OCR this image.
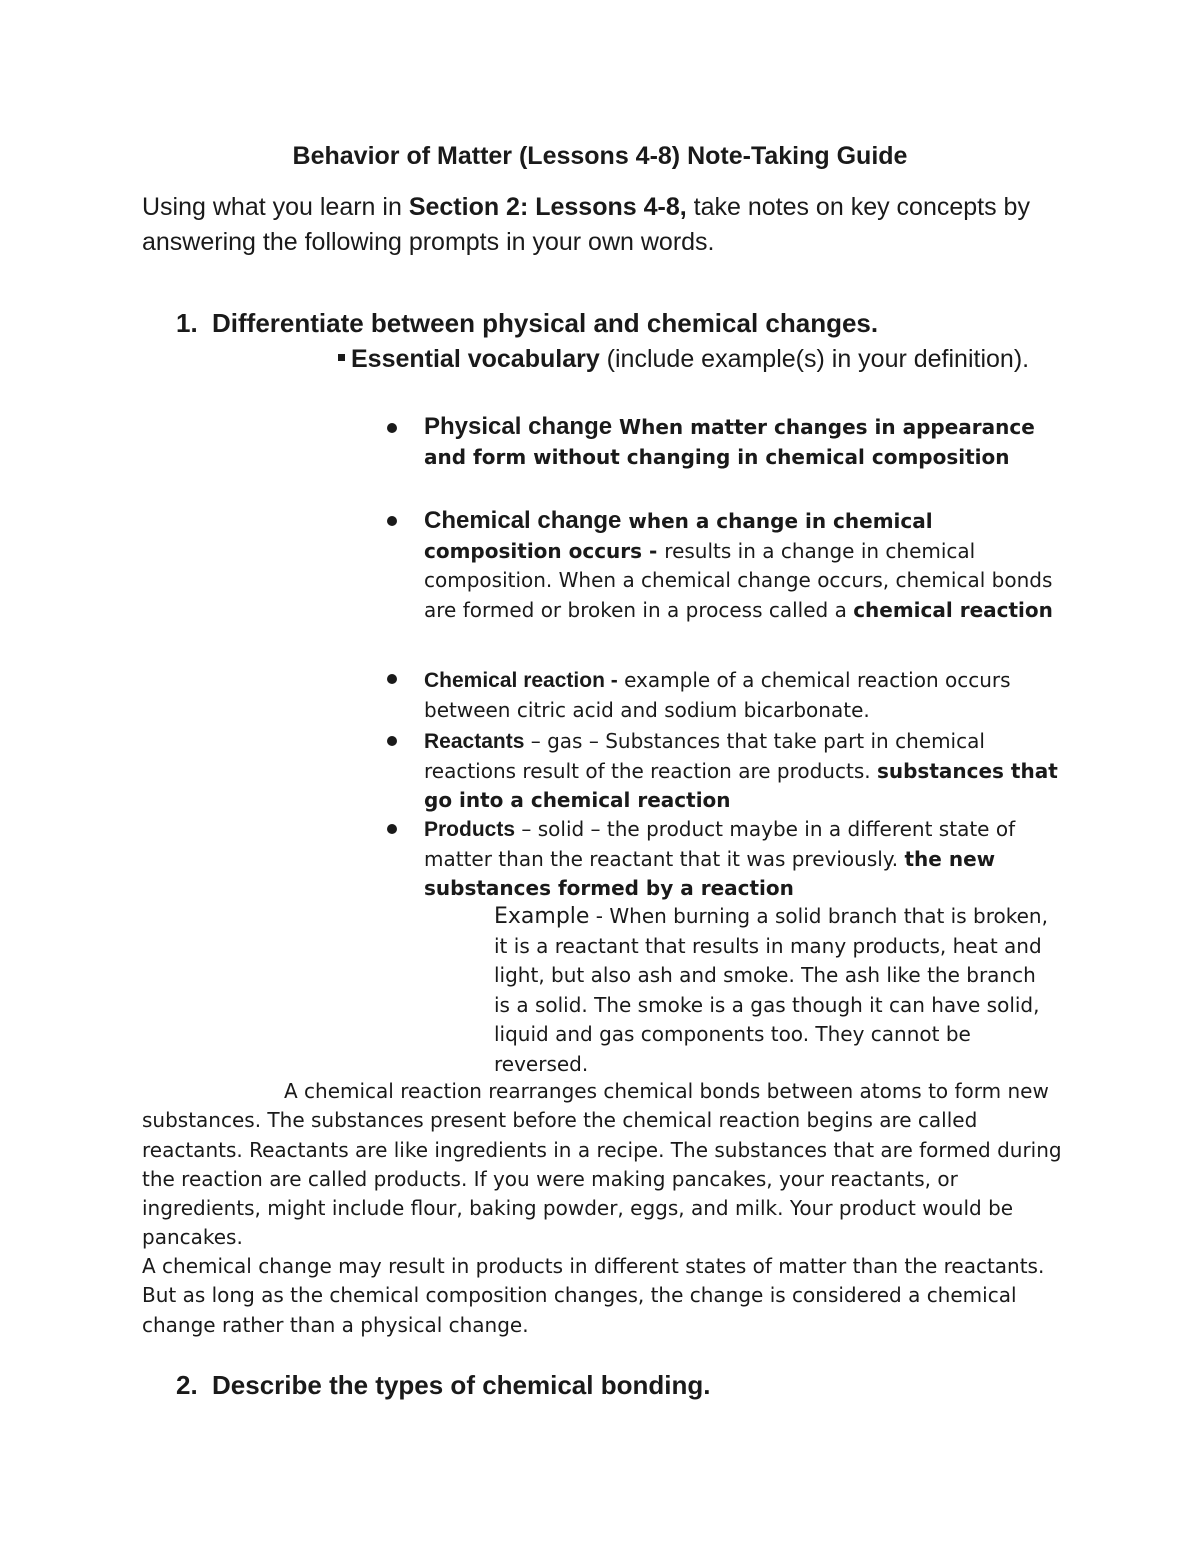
Behavior of Matter (Lessons 4-8) Note-Taking Guide
Using what you learn in Section 2: Lessons 4-8, take notes on key concepts by answering the following prompts in your own words.
1. Differentiate between physical and chemical changes.
Essential vocabulary (include example(s) in your definition).
Physical change When matter changes in appearance and form without changing in chemical composition
Chemical change when a change in chemical composition occurs - results in a change in chemical composition. When a chemical change occurs, chemical bonds are formed or broken in a process called a chemical reaction
Chemical reaction - example of a chemical reaction occurs between citric acid and sodium bicarbonate.
Reactants – gas – Substances that take part in chemical reactions result of the reaction are products. substances that go into a chemical reaction
Products – solid – the product maybe in a different state of matter than the reactant that it was previously. the new substances formed by a reaction
Example - When burning a solid branch that is broken, it is a reactant that results in many products, heat and light, but also ash and smoke. The ash like the branch is a solid. The smoke is a gas though it can have solid, liquid and gas components too. They cannot be reversed.
A chemical reaction rearranges chemical bonds between atoms to form new substances. The substances present before the chemical reaction begins are called reactants. Reactants are like ingredients in a recipe. The substances that are formed during the reaction are called products. If you were making pancakes, your reactants, or ingredients, might include flour, baking powder, eggs, and milk. Your product would be pancakes.
A chemical change may result in products in different states of matter than the reactants. But as long as the chemical composition changes, the change is considered a chemical change rather than a physical change.
2. Describe the types of chemical bonding.
